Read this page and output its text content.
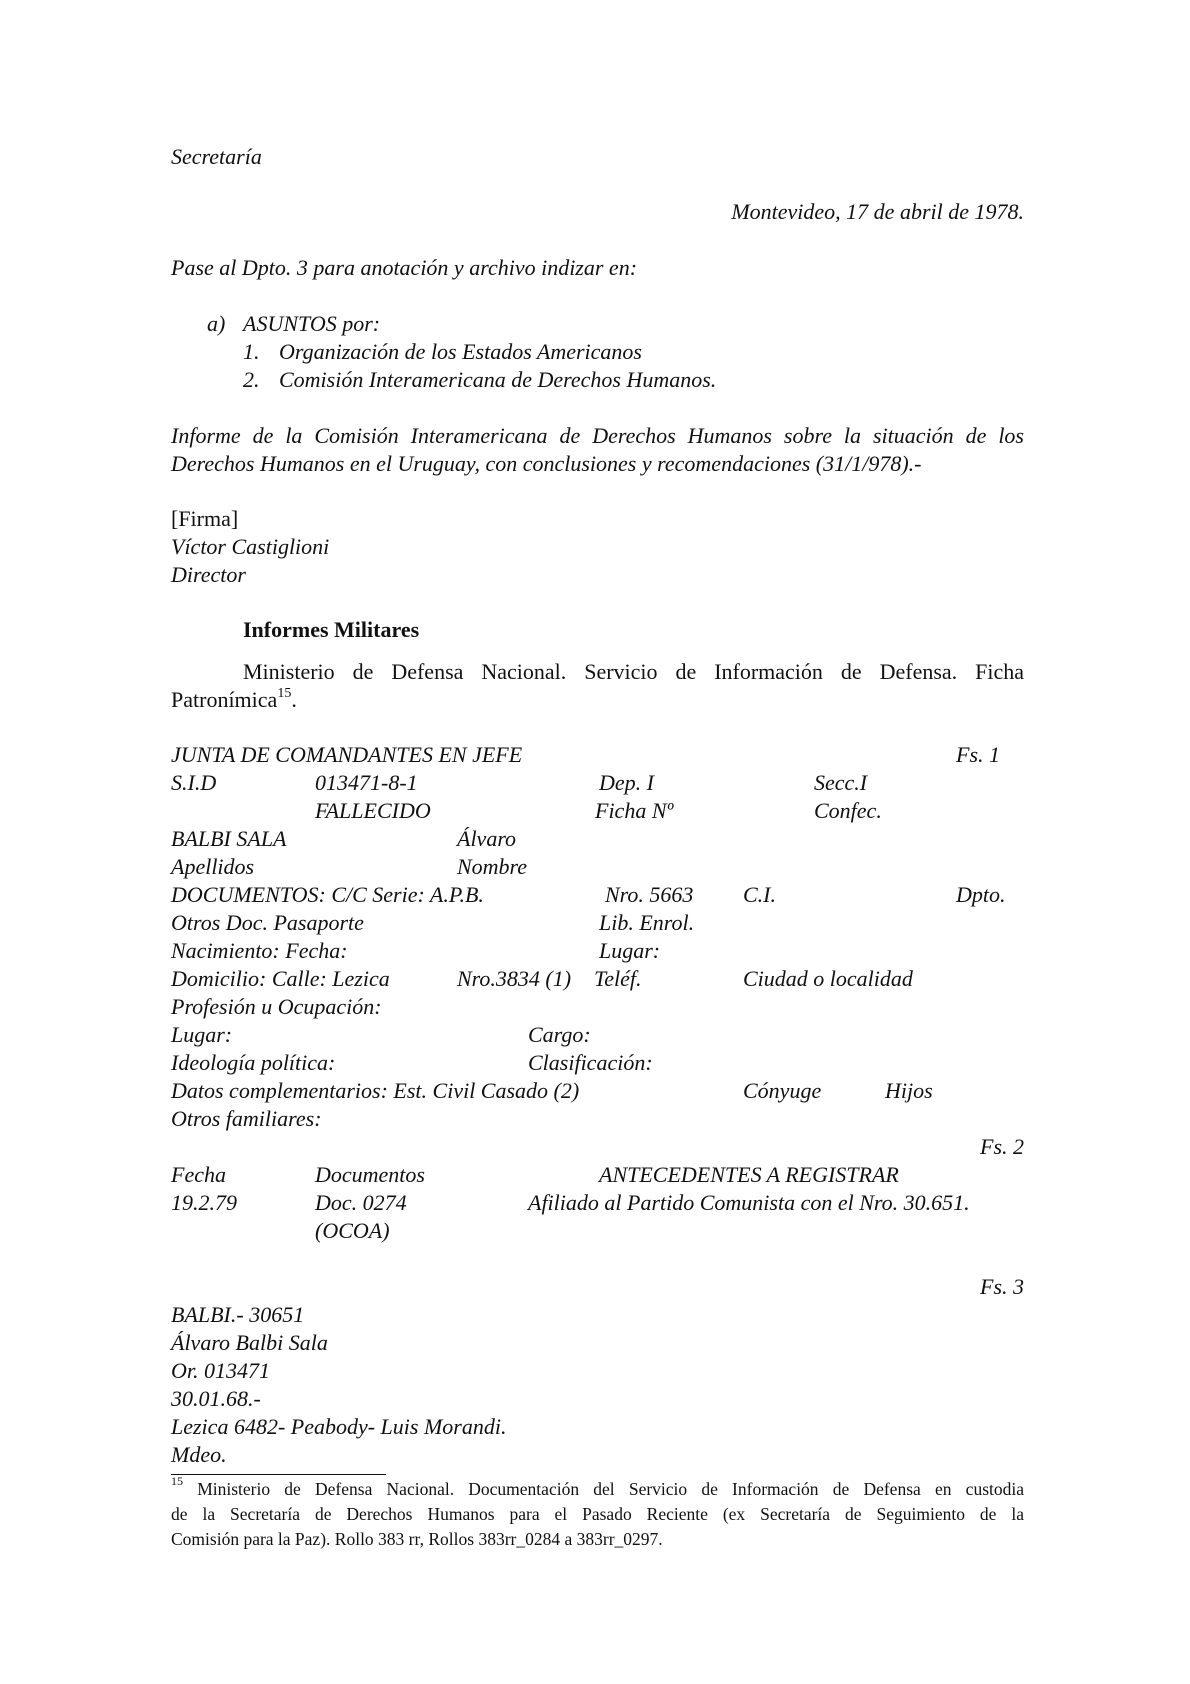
Secretaría
Montevideo, 17 de abril de 1978.
Pase al Dpto. 3 para anotación y archivo indizar en:
a) ASUNTOS por:
1. Organización de los Estados Americanos
2. Comisión Interamericana de Derechos Humanos.
Informe de la Comisión Interamericana de Derechos Humanos sobre la situación de los
Derechos Humanos en el Uruguay, con conclusiones y recomendaciones (31/1/978).-
[Firma]
Víctor Castiglioni
Director
Informes Militares
Ministerio de Defensa Nacional. Servicio de Información de Defensa. Ficha
Patronímica$^{15}$.
JUNTA DE COMANDANTES EN JEFE	Fs. 1
S.I.D	013471-8-1	Dep. I	Secc.I
FALLECIDO	Ficha Nº	Confec.
BALBI SALA	Álvaro
Apellidos	Nombre
DOCUMENTOS: C/C Serie: A.P.B.	Nro. 5663 C.I.	Dpto.
Otros Doc. Pasaporte	Lib. Enrol.
Nacimiento: Fecha:	Lugar:
Domicilio: Calle: Lezica	Nro.3834 (1) Teléf.	Ciudad o localidad
Profesión u Ocupación:
Lugar:	Cargo:
Ideología política:	Clasificación:
Datos complementarios: Est. Civil Casado (2)	Cónyuge	Hijos
Otros familiares:
Fs. 2
Fecha	Documentos	ANTECEDENTES A REGISTRAR
19.2.79	Doc. 0274	Afiliado al Partido Comunista con el Nro. 30.651.
(OCOA)
Fs. 3
BALBI.- 30651
Álvaro Balbi Sala
Or. 013471
30.01.68.-
Lezica 6482- Peabody- Luis Morandi.
Mdeo.
$^{15}$ Ministerio de Defensa Nacional. Documentación del Servicio de Información de Defensa en custodia
de la Secretaría de Derechos Humanos para el Pasado Reciente (ex Secretaría de Seguimiento de la
Comisión para la Paz). Rollo 383 rr, Rollos 383rr_0284 a 383rr_0297.
